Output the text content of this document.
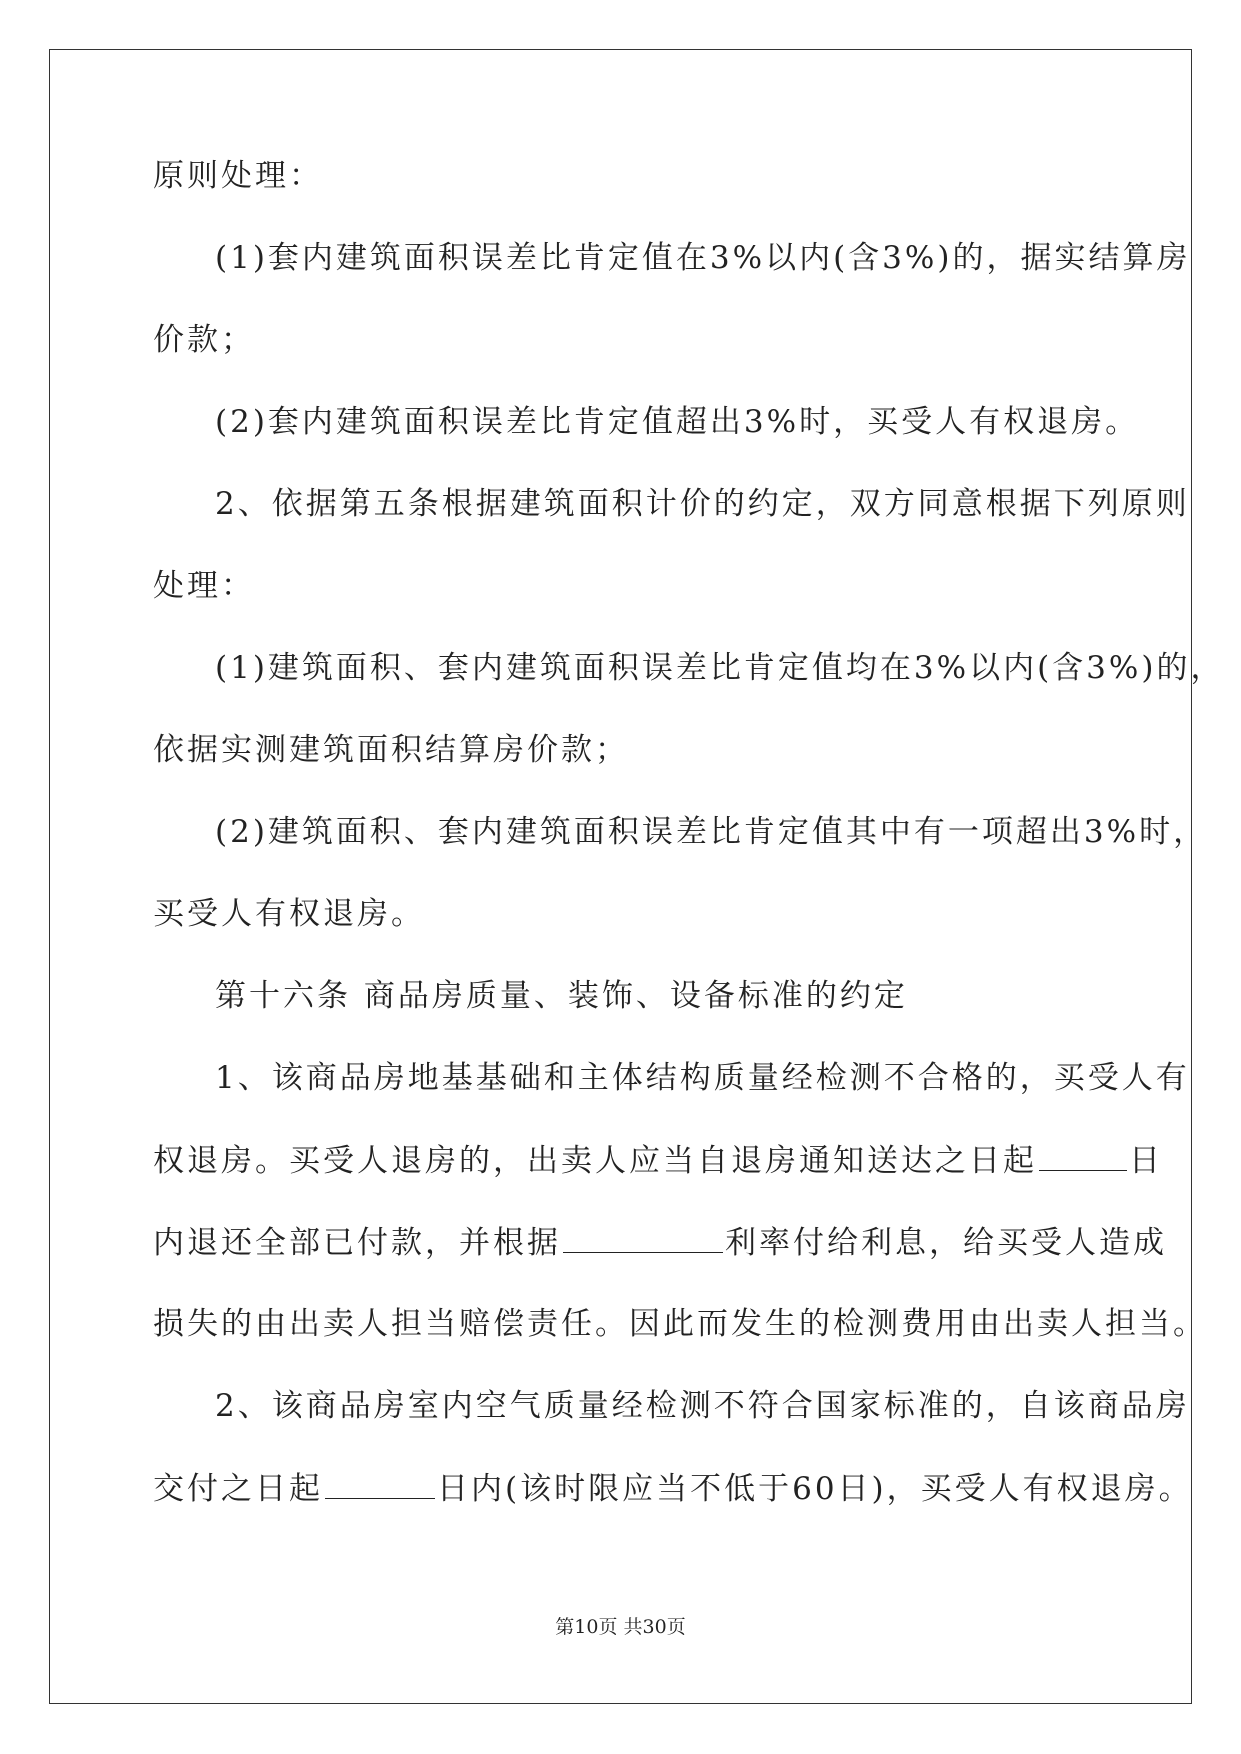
原则处理：
(1)套内建筑面积误差比肯定值在3%以内(含3%)的，据实结算房
价款；
(2)套内建筑面积误差比肯定值超出3%时，买受人有权退房。
2、依据第五条根据建筑面积计价的约定，双方同意根据下列原则
处理：
(1)建筑面积、套内建筑面积误差比肯定值均在3%以内(含3%)的，
依据实测建筑面积结算房价款；
(2)建筑面积、套内建筑面积误差比肯定值其中有一项超出3%时，
买受人有权退房。
第十六条 商品房质量、装饰、设备标准的约定
1、该商品房地基基础和主体结构质量经检测不合格的，买受人有
权退房。买受人退房的，出卖人应当自退房通知送达之日起	日
内退还全部已付款，并根据	利率付给利息，给买受人造成
损失的由出卖人担当赔偿责任。因此而发生的检测费用由出卖人担当。
2、该商品房室内空气质量经检测不符合国家标准的，自该商品房
交付之日起	日内(该时限应当不低于60日)，买受人有权退房。
第10页 共30页
